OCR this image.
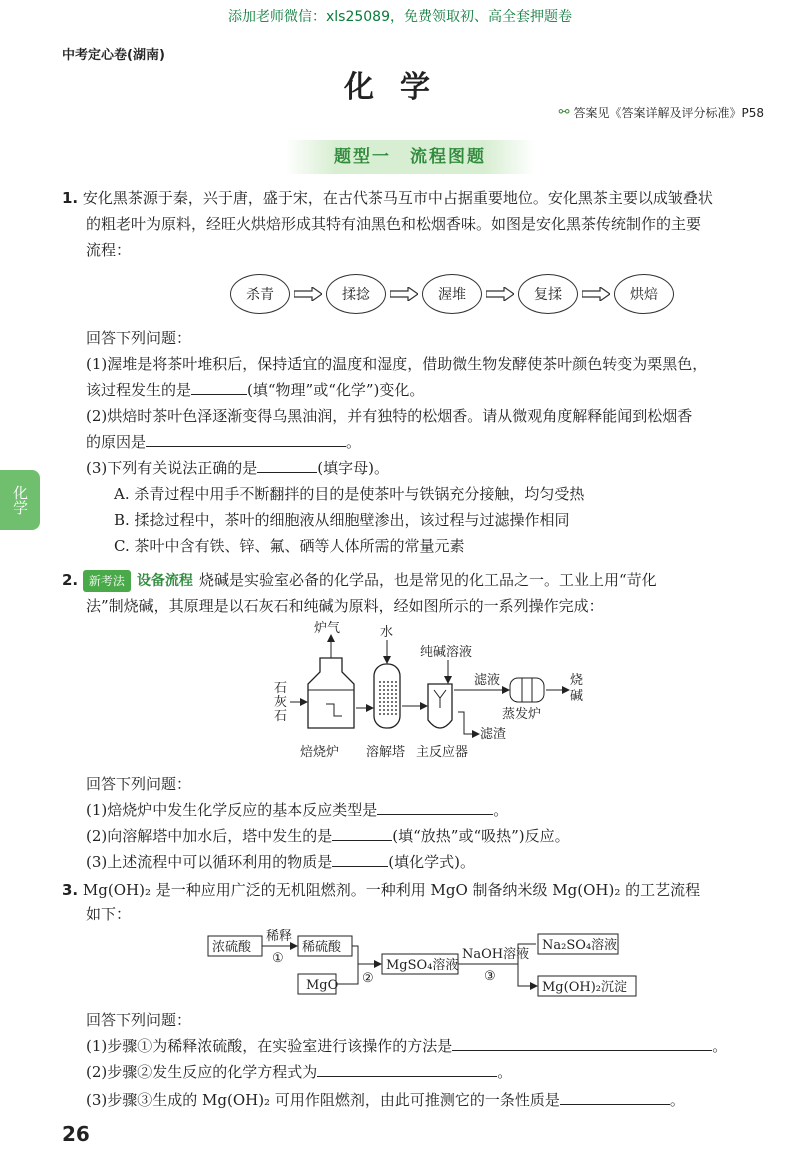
添加老师微信：xls25089，免费领取初、高全套押题卷
中考定心卷(湖南)
化学
⚯ 答案见《答案详解及评分标准》P58
题型一　流程图题
化学
1. 安化黑茶源于秦，兴于唐，盛于宋，在古代茶马互市中占据重要地位。安化黑茶主要以成皱叠状
的粗老叶为原料，经旺火烘焙形成其特有油黑色和松烟香味。如图是安化黑茶传统制作的主要
流程：
杀青	揉捻	渥堆	复揉	烘焙
回答下列问题：
(1)渥堆是将茶叶堆积后，保持适宜的温度和湿度，借助微生物发酵使茶叶颜色转变为栗黑色，
该过程发生的是	(填“物理”或“化学”)变化。
(2)烘焙时茶叶色泽逐渐变得乌黑油润，并有独特的松烟香。请从微观角度解释能闻到松烟香
的原因是	。
(3)下列有关说法正确的是	(填字母)。
A. 杀青过程中用手不断翻拌的目的是使茶叶与铁锅充分接触，均匀受热
B. 揉捻过程中，茶叶的细胞液从细胞壁渗出，该过程与过滤操作相同
C. 茶叶中含有铁、锌、氟、硒等人体所需的常量元素
2. 新考法 设备流程 烧碱是实验室必备的化学品，也是常见的化工品之一。工业上用“苛化
法”制烧碱，其原理是以石灰石和纯碱为原料，经如图所示的一系列操作完成：
炉气	水
纯碱溶液
石
灰
石
滤液	烧
碱
蒸发炉
滤渣
焙烧炉 溶解塔 主反应器
回答下列问题：
(1)焙烧炉中发生化学反应的基本反应类型是	。
(2)向溶解塔中加水后，塔中发生的是	(填“放热”或“吸热”)反应。
(3)上述流程中可以循环利用的物质是	(填化学式)。
3. Mg(OH)₂ 是一种应用广泛的无机阻燃剂。一种利用 MgO 制备纳米级 Mg(OH)₂ 的工艺流程
如下：
浓硫酸
稀释
①
稀硫酸
MgO ②
MgSO₄溶液
NaOH溶液
③
Na₂SO₄溶液
Mg(OH)₂沉淀
回答下列问题：
(1)步骤①为稀释浓硫酸，在实验室进行该操作的方法是	。
(2)步骤②发生反应的化学方程式为	。
(3)步骤③生成的 Mg(OH)₂ 可用作阻燃剂，由此可推测它的一条性质是	。
26
